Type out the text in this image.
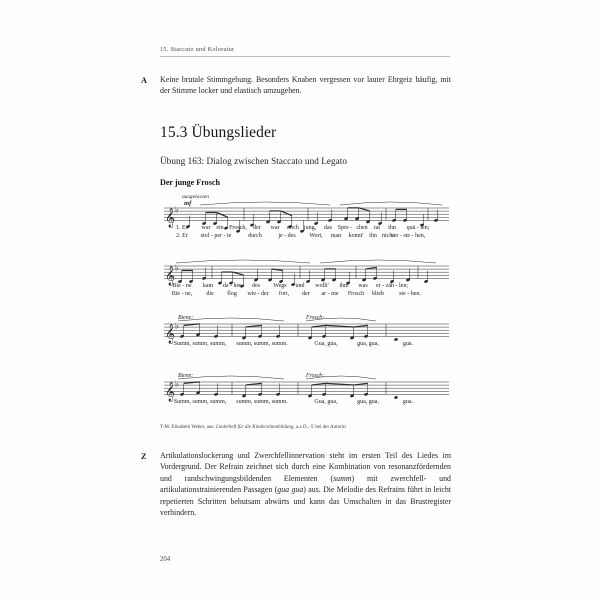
15. Staccato und Koloratur
A Keine brutale Stimmgebung. Besonders Knaben vergessen vor lauter Ehrgeiz häufig, mit der Stimme locker und elastisch umzugehen.
15.3 Übungslieder
Übung 163: Dialog zwischen Staccato und Legato
Der junge Frosch
𝄞 ♭
𝄞 ♭
𝄞 ♭
𝄞 ♭
ausgelassen
mf
Biene:	Frosch:
Biene:	Frosch:
1. Es war ein Frosch, der war noch jung, das Spre - chen tat ihn quä - len;
2. Er stol - per - te	durch	je - des Wort, man konnt' ihn nicht
ver - ste - hen,
Bie - ne kam da - her des Wegs und wollt' ihm was er - zäh - len;
Bie - ne, die flog wie - der fort, der ar - me Frosch blieb	ste - hen.
Summ, summ, summ, summ, summ, summ.	Gua, gua,	gua, gua,	gua.
Summ, summ, summ, summ, summ, summ.	Gua, gua,	gua, gua,	gua.
T/M: Elisabeth Weber, aus: Liederheft für die Kinderstimmbildung, a.a.O., © bei der Autorin
Z Artikulationslockerung und Zwerchfellinnervation steht im ersten Teil des Liedes im Vordergrund. Der Refrain zeichnet sich durch eine Kombination von resonanzfördernden und randschwingungsbildenden Elementen (summ) mit zwerchfell- und artikulationstrainierenden Passagen (gua gua) aus. Die Melodie des Refrains führt in leicht repetierten Schritten behutsam abwärts und kann das Umschalten in das Brustregister verhindern.
204
